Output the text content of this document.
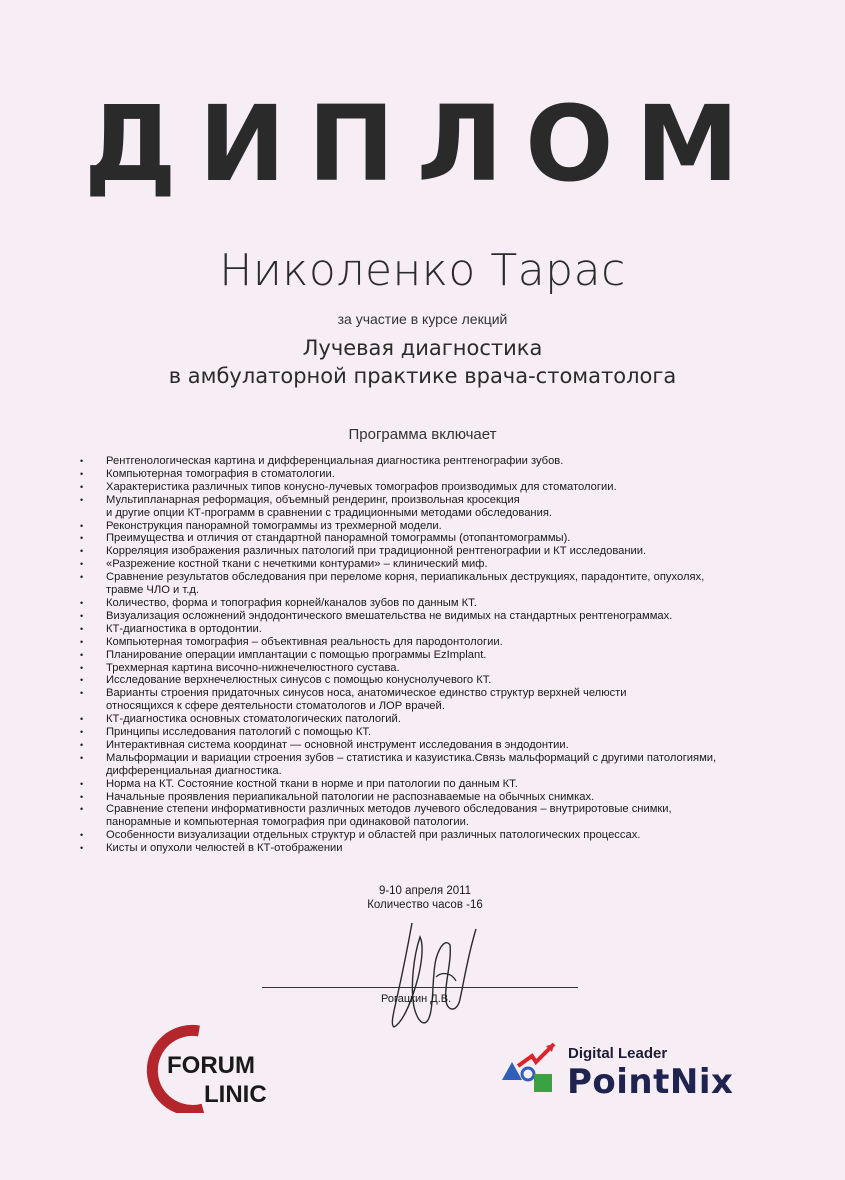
ДИПЛОМ
Николенко Тарас
за участие в курсе лекций
Лучевая диагностика
в амбулаторной практике врача-стоматолога
Программа включает
• Рентгенологическая картина и дифференциальная диагностика рентгенографии зубов.
• Компьютерная томография в стоматологии.
• Характеристика различных типов конусно-лучевых томографов производимых для стоматологии.
• Мультипланарная реформация, объемный рендеринг, произвольная кросекция
и другие опции КТ-программ в сравнении с традиционными методами обследования.
• Реконструкция панорамной томограммы из трехмерной модели.
• Преимущества и отличия от стандартной панорамной томограммы (отопантомограммы).
• Корреляция изображения различных патологий при традиционной рентгенографии и КТ исследовании.
• «Разрежение костной ткани с нечеткими контурами» – клинический миф.
• Сравнение результатов обследования при переломе корня, периапикальных деструкциях, парадонтите, опухолях,
травме ЧЛО и т.д.
• Количество, форма и топография корней/каналов зубов по данным КТ.
• Визуализация осложнений эндодонтического вмешательства не видимых на стандартных рентгенограммах.
• КТ-диагностика в ортодонтии.
• Компьютерная томография – объективная реальность для пародонтологии.
• Планирование операции имплантации с помощью программы EzImplant.
• Трехмерная картина височно-нижнечелюстного сустава.
• Исследование верхнечелюстных синусов с помощью конуснолучевого КТ.
• Варианты строения придаточных синусов носа, анатомическое единство структур верхней челюсти
относящихся к сфере деятельности стоматологов и ЛОР врачей.
• КТ-диагностика основных стоматологических патологий.
• Принципы исследования патологий с помощью КТ.
• Интерактивная система координат — основной инструмент исследования в эндодонтии.
• Мальформации и вариации строения зубов – статистика и казуистика.Связь мальформаций с другими патологиями,
дифференциальная диагностика.
• Норма на КТ. Состояние костной ткани в норме и при патологии по данным КТ.
• Начальные проявления периапикальной патологии не распознаваемые на обычных снимках.
• Сравнение степени информативности различных методов лучевого обследования – внутриротовые снимки,
панорамные и компьютерная томография при одинаковой патологии.
• Особенности визуализации отдельных структур и областей при различных патологических процессах.
• Кисты и опухоли челюстей в КТ-отображении
9-10 апреля 2011
Количество часов -16
Рогацкин Д.В.
FORUM
LINIC
Digital Leader
PointNix
